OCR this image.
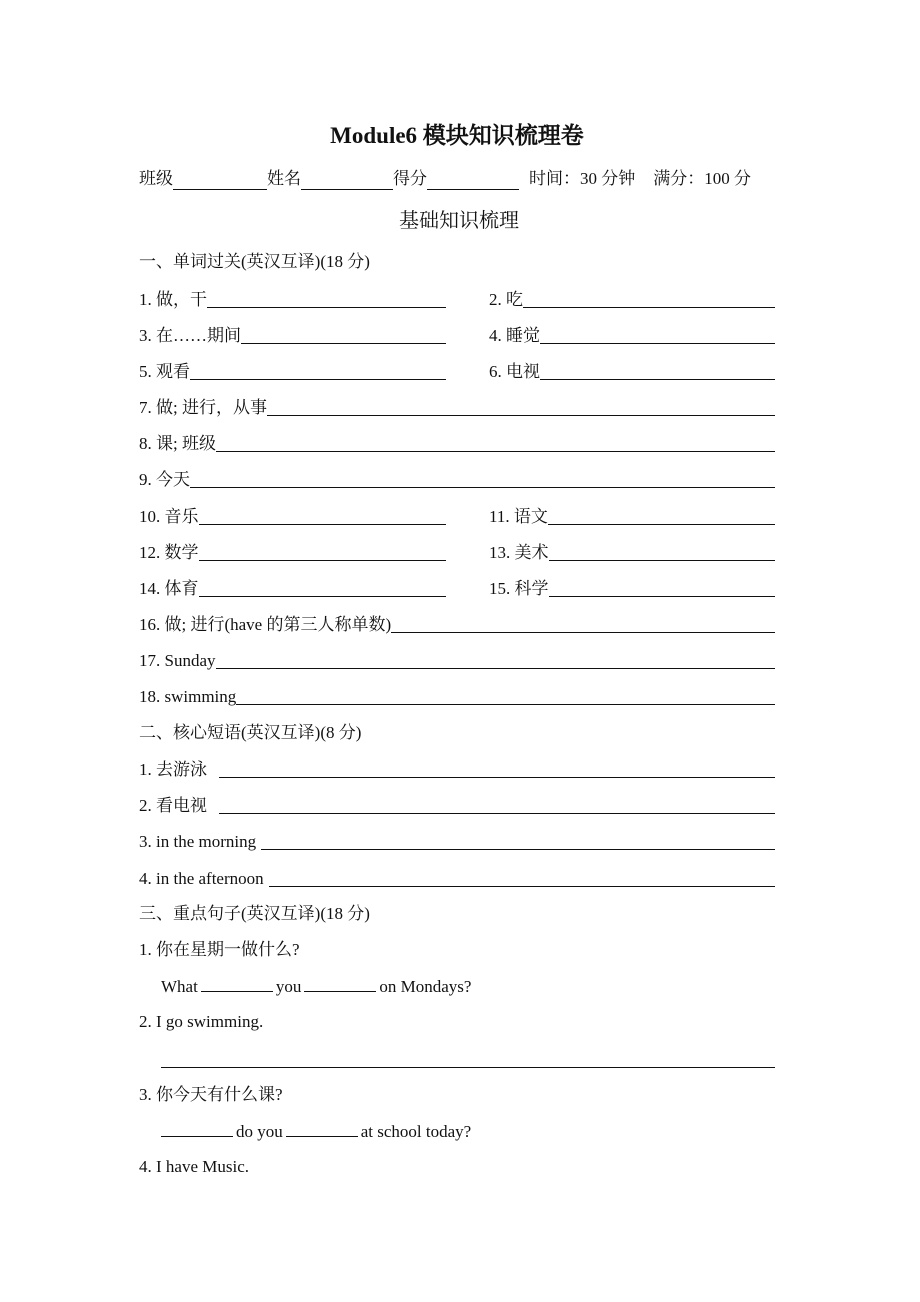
Module6 模块知识梳理卷
班级	姓名	得分	时间：30 分钟 满分：100 分
基础知识梳理
一、单词过关(英汉互译)(18 分)
1. 做，干	2. 吃
3. 在……期间	4. 睡觉
5. 观看	6. 电视
7. 做; 进行，从事
8. 课; 班级
9. 今天
10. 音乐	11. 语文
12. 数学	13. 美术
14. 体育	15. 科学
16. 做; 进行(have 的第三人称单数)
17. Sunday
18. swimming
二、核心短语(英汉互译)(8 分)
1. 去游泳
2. 看电视
3. in the morning
4. in the afternoon
三、重点句子(英汉互译)(18 分)
1. 你在星期一做什么?
What	you	on Mondays?
2. I go swimming.
3. 你今天有什么课?
do you	at school today?
4. I have Music.
